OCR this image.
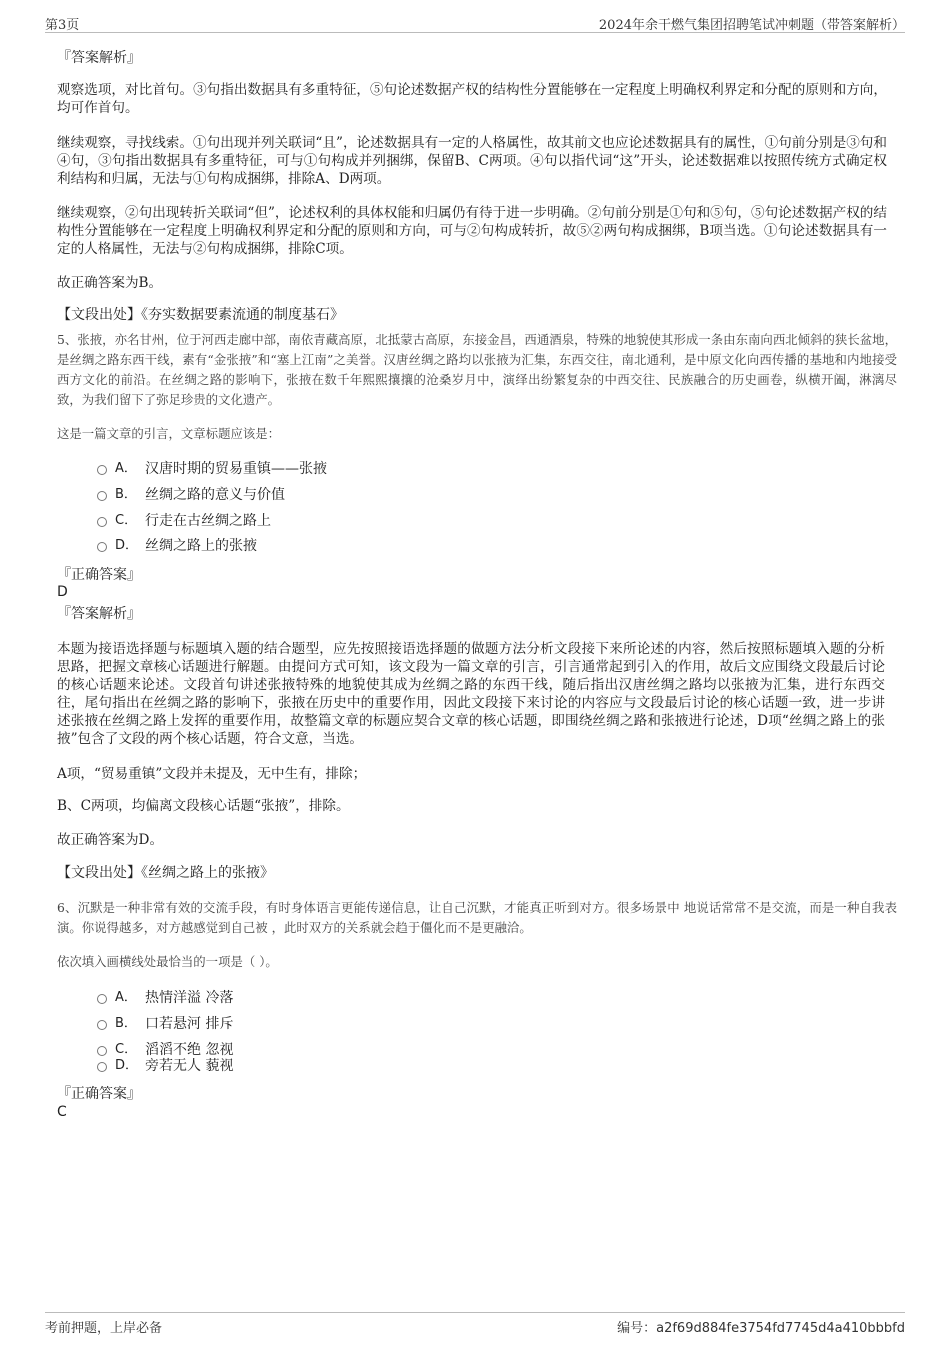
第3页	2024年余干燃气集团招聘笔试冲刺题（带答案解析）
『答案解析』
观察选项，对比首句。③句指出数据具有多重特征，⑤句论述数据产权的结构性分置能够在一定程度上明确权利界定和分配的原则和方向，均可作首句。
继续观察，寻找线索。①句出现并列关联词“且”，论述数据具有一定的人格属性，故其前文也应论述数据具有的属性，①句前分别是③句和④句，③句指出数据具有多重特征，可与①句构成并列捆绑，保留B、C两项。④句以指代词“这”开头，论述数据难以按照传统方式确定权利结构和归属，无法与①句构成捆绑，排除A、D两项。
继续观察，②句出现转折关联词“但”，论述权利的具体权能和归属仍有待于进一步明确。②句前分别是①句和⑤句，⑤句论述数据产权的结构性分置能够在一定程度上明确权利界定和分配的原则和方向，可与②句构成转折，故⑤②两句构成捆绑，B项当选。①句论述数据具有一定的人格属性，无法与②句构成捆绑，排除C项。
故正确答案为B。
【文段出处】《夯实数据要素流通的制度基石》
5、张掖，亦名甘州，位于河西走廊中部，南依青藏高原，北抵蒙古高原，东接金昌，西通酒泉，特殊的地貌使其形成一条由东南向西北倾斜的狭长盆地，是丝绸之路东西干线，素有“金张掖”和“塞上江南”之美誉。汉唐丝绸之路均以张掖为汇集，东西交往，南北通利，是中原文化向西传播的基地和内地接受西方文化的前沿。在丝绸之路的影响下，张掖在数千年熙熙攘攘的沧桑岁月中，演绎出纷繁复杂的中西交往、民族融合的历史画卷，纵横开阖，淋漓尽致，为我们留下了弥足珍贵的文化遗产。
这是一篇文章的引言，文章标题应该是：
A． 汉唐时期的贸易重镇——张掖
B． 丝绸之路的意义与价值
C． 行走在古丝绸之路上
D． 丝绸之路上的张掖
『正确答案』
D
『答案解析』
本题为接语选择题与标题填入题的结合题型，应先按照接语选择题的做题方法分析文段接下来所论述的内容，然后按照标题填入题的分析思路，把握文章核心话题进行解题。由提问方式可知，该文段为一篇文章的引言，引言通常起到引入的作用，故后文应围绕文段最后讨论的核心话题来论述。文段首句讲述张掖特殊的地貌使其成为丝绸之路的东西干线，随后指出汉唐丝绸之路均以张掖为汇集，进行东西交往，尾句指出在丝绸之路的影响下，张掖在历史中的重要作用，因此文段接下来讨论的内容应与文段最后讨论的核心话题一致，进一步讲述张掖在丝绸之路上发挥的重要作用，故整篇文章的标题应契合文章的核心话题，即围绕丝绸之路和张掖进行论述，D项“丝绸之路上的张掖”包含了文段的两个核心话题，符合文意，当选。
A项，“贸易重镇”文段并未提及，无中生有，排除；
B、C两项，均偏离文段核心话题“张掖”，排除。
故正确答案为D。
【文段出处】《丝绸之路上的张掖》
6、沉默是一种非常有效的交流手段，有时身体语言更能传递信息，让自己沉默，才能真正听到对方。很多场景中 地说话常常不是交流，而是一种自我表演。你说得越多，对方越感觉到自己被 ，此时双方的关系就会趋于僵化而不是更融洽。
依次填入画横线处最恰当的一项是（ ）。
A． 热情洋溢 冷落
B． 口若悬河 排斥
C． 滔滔不绝 忽视
D． 旁若无人 藐视
『正确答案』
C
考前押题，上岸必备	编号：a2f69d884fe3754fd7745d4a410bbbfd
